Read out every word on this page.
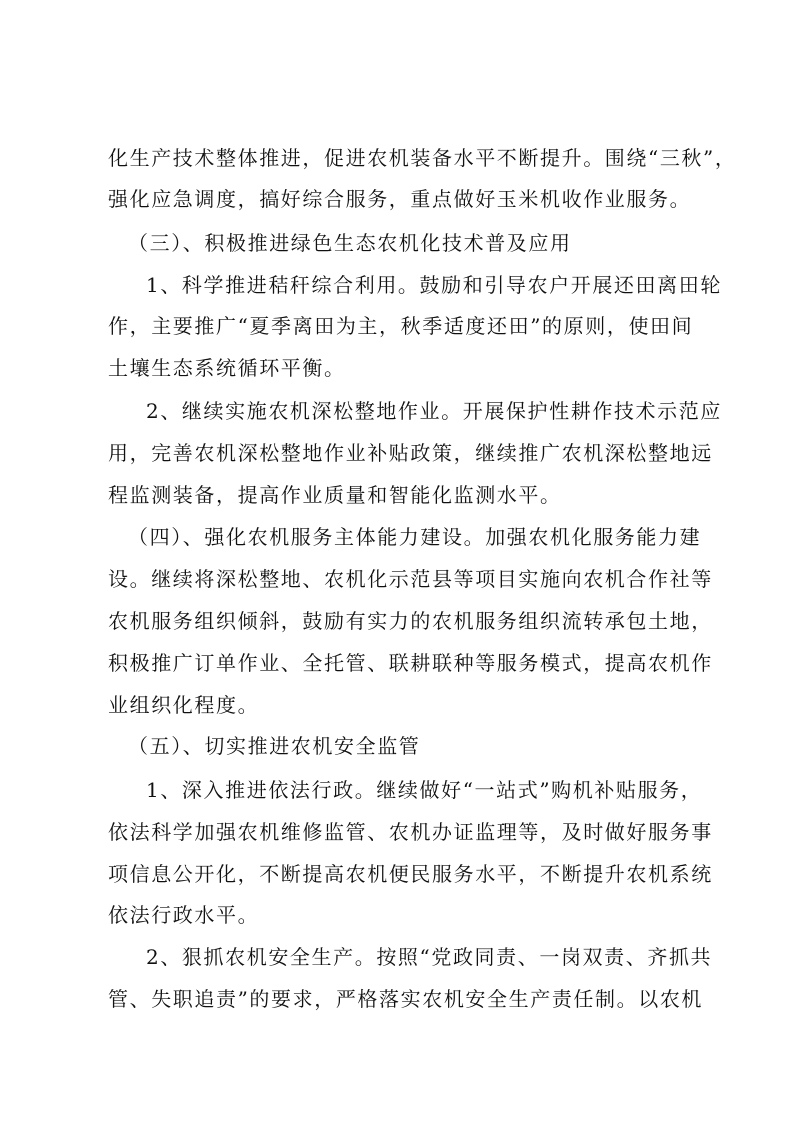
化生产技术整体推进，促进农机装备水平不断提升。围绕“三秋”，
强化应急调度，搞好综合服务，重点做好玉米机收作业服务。
（三）、积极推进绿色生态农机化技术普及应用
1、科学推进秸秆综合利用。鼓励和引导农户开展还田离田轮
作，主要推广“夏季离田为主，秋季适度还田”的原则，使田间
土壤生态系统循环平衡。
2、继续实施农机深松整地作业。开展保护性耕作技术示范应
用，完善农机深松整地作业补贴政策，继续推广农机深松整地远
程监测装备，提高作业质量和智能化监测水平。
（四）、强化农机服务主体能力建设。加强农机化服务能力建
设。继续将深松整地、农机化示范县等项目实施向农机合作社等
农机服务组织倾斜，鼓励有实力的农机服务组织流转承包土地，
积极推广订单作业、全托管、联耕联种等服务模式，提高农机作
业组织化程度。
（五）、切实推进农机安全监管
1、深入推进依法行政。继续做好“一站式”购机补贴服务，
依法科学加强农机维修监管、农机办证监理等，及时做好服务事
项信息公开化，不断提高农机便民服务水平，不断提升农机系统
依法行政水平。
2、狠抓农机安全生产。按照“党政同责、一岗双责、齐抓共
管、失职追责”的要求，严格落实农机安全生产责任制。以农机
